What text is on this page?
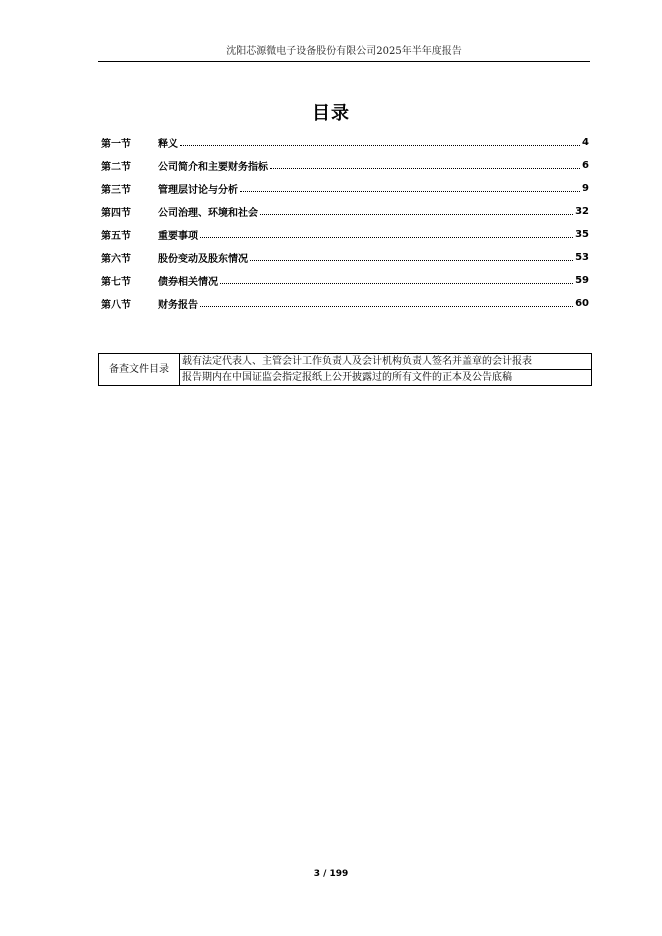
沈阳芯源微电子设备股份有限公司2025年半年度报告
目录
第一节	释义	4
第二节	公司简介和主要财务指标	6
第三节	管理层讨论与分析	9
第四节	公司治理、环境和社会	32
第五节	重要事项	35
第六节	股份变动及股东情况	53
第七节	债券相关情况	59
第八节	财务报告	60
备查文件目录	载有法定代表人、主管会计工作负责人及会计机构负责人签名并盖章的会计报表
报告期内在中国证监会指定报纸上公开披露过的所有文件的正本及公告底稿
3 / 199
